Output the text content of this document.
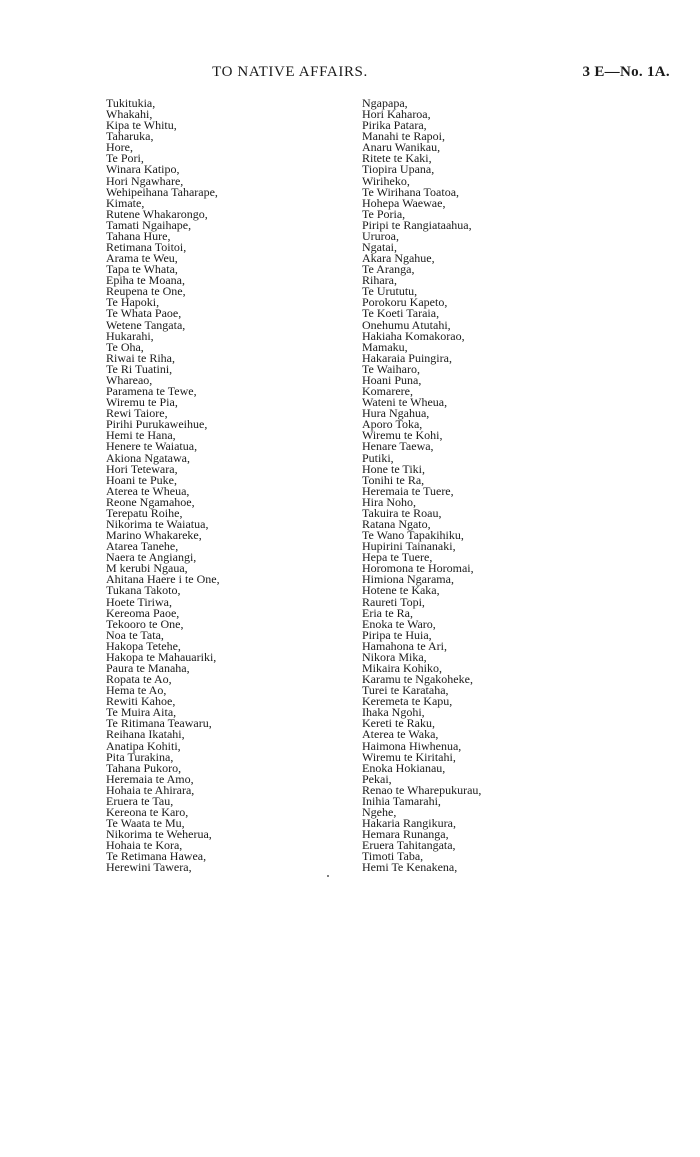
TO NATIVE AFFAIRS.	3 E—No. 1A.
Tukitukia,
Whakahi,
Kipa te Whitu,
Taharuka,
Hore,
Te Pori,
Winara Katipo,
Hori Ngawhare,
Wehipeihana Taharape,
Kimate,
Rutene Whakarongo,
Tamati Ngaihape,
Tahana Hure,
Retimana Toitoi,
Arama te Weu,
Tapa te Whata,
Epiha te Moana,
Reupena te One,
Te Hapoki,
Te Whata Paoe,
Wetene Tangata,
Hukarahi,
Te Oha,
Riwai te Riha,
Te Ri Tuatini,
Whareao,
Paramena te Tewe,
Wiremu te Pia,
Rewi Taiore,
Pirihi Purukaweihue,
Hemi te Hana,
Henere te Waiatua,
Akiona Ngatawa,
Hori Tetewara,
Hoani te Puke,
Aterea te Wheua,
Reone Ngamahoe,
Terepatu Roihe,
Nikorima te Waiatua,
Marino Whakareke,
Atarea Tanehe,
Naera te Angiangi,
M kerubi Ngaua,
Ahitana Haere i te One,
Tukana Takoto,
Hoete Tiriwa,
Kereoma Paoe,
Tekooro te One,
Noa te Tata,
Hakopa Tetehe,
Hakopa te Mahauariki,
Paura te Manaha,
Ropata te Ao,
Hema te Ao,
Rewiti Kahoe,
Te Muira Aita,
Te Ritimana Teawaru,
Reihana Ikatahi,
Anatipa Kohiti,
Pita Turakina,
Tahana Pukoro,
Heremaia te Amo,
Hohaia te Ahirara,
Eruera te Tau,
Kereona te Karo,
Te Waata te Mu,
Nikorima te Weherua,
Hohaia te Kora,
Te Retimana Hawea,
Herewini Tawera,
Ngapapa,
Hori Kaharoa,
Pirika Patara,
Manahi te Rapoi,
Anaru Wanikau,
Ritete te Kaki,
Tiopira Upana,
Wiriheko,
Te Wirihana Toatoa,
Hohepa Waewae,
Te Poria,
Piripi te Rangiataahua,
Ururoa,
Ngatai,
Akara Ngahue,
Te Aranga,
Rihara,
Te Urututu,
Porokoru Kapeto,
Te Koeti Taraia,
Onehumu Atutahi,
Hakiaha Komakorao,
Mamaku,
Hakaraia Puingira,
Te Waiharo,
Hoani Puna,
Komarere,
Wateni te Wheua,
Hura Ngahua,
Aporo Toka,
Wiremu te Kohi,
Henare Taewa,
Putiki,
Hone te Tiki,
Tonihi te Ra,
Heremaia te Tuere,
Hira Noho,
Takuira te Roau,
Ratana Ngato,
Te Wano Tapakihiku,
Hupirini Tainanaki,
Hepa te Tuere,
Horomona te Horomai,
Himiona Ngarama,
Hotene te Kaka,
Raureti Topi,
Eria te Ra,
Enoka te Waro,
Piripa te Huia,
Hamahona te Ari,
Nikora Mika,
Mikaira Kohiko,
Karamu te Ngakoheke,
Turei te Karataha,
Keremeta te Kapu,
Ihaka Ngohi,
Kereti te Raku,
Aterea te Waka,
Haimona Hiwhenua,
Wiremu te Kiritahi,
Enoka Hokianau,
Pekai,
Renao te Wharepukurau,
Inihia Tamarahi,
Ngehe,
Hakaria Rangikura,
Hemara Runanga,
Eruera Tahitangata,
Timoti Taba,
Hemi Te Kenakena,
